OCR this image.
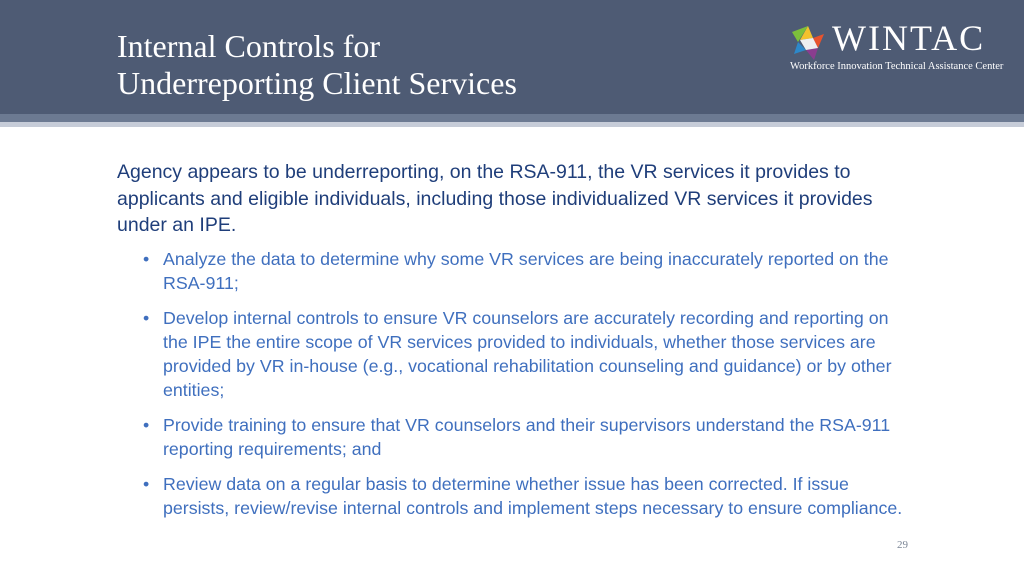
Internal Controls for
Underreporting Client Services
WINTAC
Workforce Innovation Technical Assistance Center

Agency appears to be underreporting, on the RSA-911, the VR services it provides to applicants and eligible individuals, including those individualized VR services it provides under an IPE.

• Analyze the data to determine why some VR services are being inaccurately reported on the RSA-911;
• Develop internal controls to ensure VR counselors are accurately recording and reporting on the IPE the entire scope of VR services provided to individuals, whether those services are provided by VR in-house (e.g., vocational rehabilitation counseling and guidance) or by other entities;
• Provide training to ensure that VR counselors and their supervisors understand the RSA-911 reporting requirements; and
• Review data on a regular basis to determine whether issue has been corrected. If issue persists, review/revise internal controls and implement steps necessary to ensure compliance.
29
